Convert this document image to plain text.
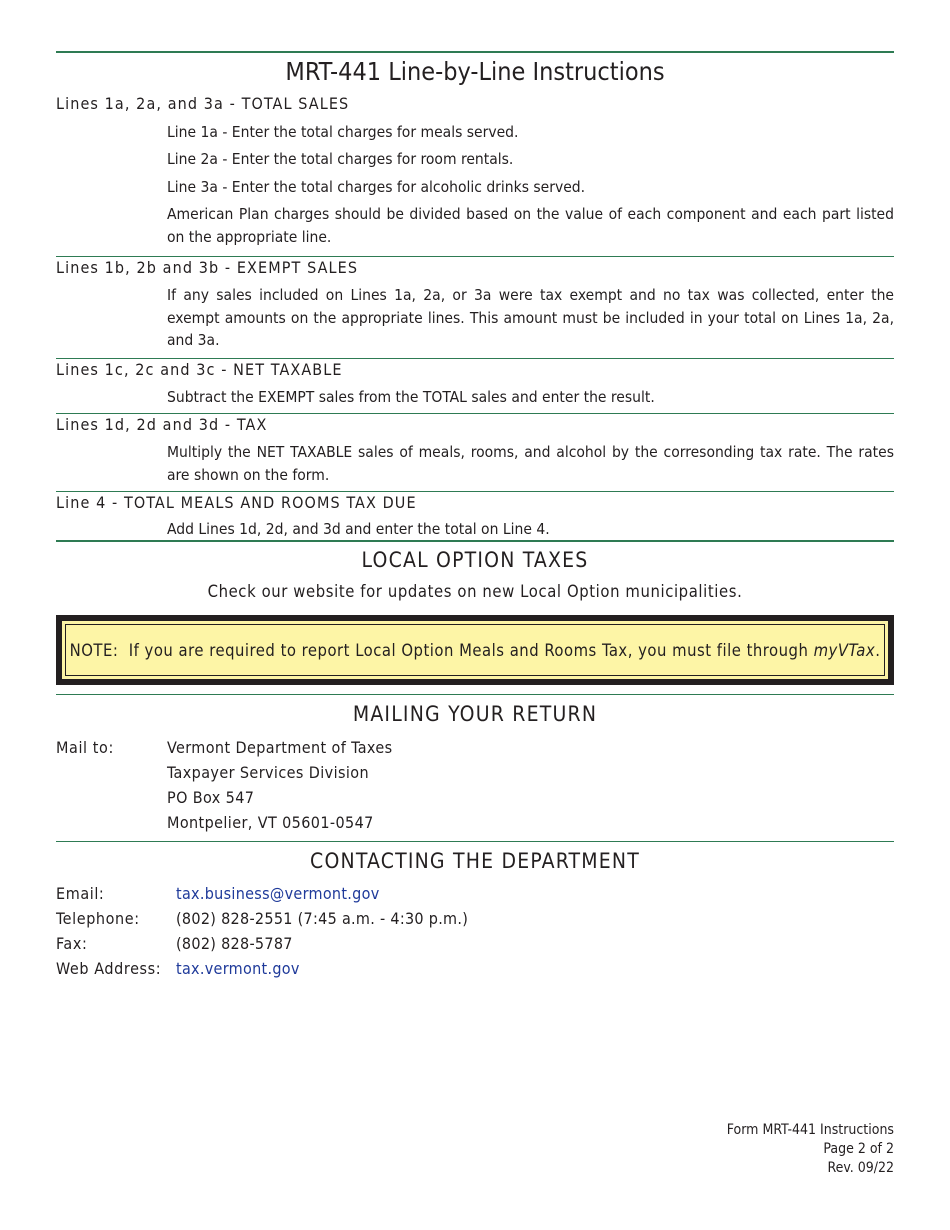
MRT-441 Line-by-Line Instructions
Lines 1a, 2a, and 3a - TOTAL SALES
Line 1a - Enter the total charges for meals served.
Line 2a - Enter the total charges for room rentals.
Line 3a - Enter the total charges for alcoholic drinks served.
American Plan charges should be divided based on the value of each component and each part listed on the appropriate line.
Lines 1b, 2b and 3b - EXEMPT SALES
If any sales included on Lines 1a, 2a, or 3a were tax exempt and no tax was collected, enter the exempt amounts on the appropriate lines. This amount must be included in your total on Lines 1a, 2a, and 3a.
Lines 1c, 2c and 3c - NET TAXABLE
Subtract the EXEMPT sales from the TOTAL sales and enter the result.
Lines 1d, 2d and 3d - TAX
Multiply the NET TAXABLE sales of meals, rooms, and alcohol by the corresonding tax rate. The rates are shown on the form.
Line 4 - TOTAL MEALS AND ROOMS TAX DUE
Add Lines 1d, 2d, and 3d and enter the total on Line 4.
LOCAL OPTION TAXES
Check our website for updates on new Local Option municipalities.
NOTE:  If you are required to report Local Option Meals and Rooms Tax, you must file through myVTax .
MAILING YOUR RETURN
Mail to:	Vermont Department of Taxes
Taxpayer Services Division
PO Box 547
Montpelier, VT 05601-0547
CONTACTING THE DEPARTMENT
Email:	tax.business@vermont.gov
Telephone: (802) 828-2551 (7:45 a.m. - 4:30 p.m.)
Fax:	(802) 828-5787
Web Address: tax.vermont.gov
Form MRT-441 Instructions
Page 2 of 2
Rev. 09/22
